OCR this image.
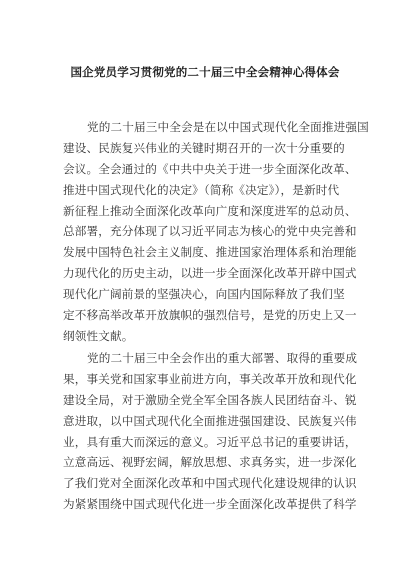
国企党员学习贯彻党的二十届三中全会精神心得体会
党的二十届三中全会是在以中国式现代化全面推进强国
建设、民族复兴伟业的关键时期召开的一次十分重要的
会议。全会通过的《中共中央关于进一步全面深化改革、
推进中国式现代化的决定》（简称《决定》），是新时代
新征程上推动全面深化改革向广度和深度进军的总动员、
总部署，充分体现了以习近平同志为核心的党中央完善和
发展中国特色社会主义制度、推进国家治理体系和治理能
力现代化的历史主动，以进一步全面深化改革开辟中国式
现代化广阔前景的坚强决心，向国内国际释放了我们坚
定不移高举改革开放旗帜的强烈信号，是党的历史上又一
纲领性文献。
党的二十届三中全会作出的重大部署、取得的重要成
果，事关党和国家事业前进方向，事关改革开放和现代化
建设全局，对于激励全党全军全国各族人民团结奋斗、锐
意进取，以中国式现代化全面推进强国建设、民族复兴伟
业，具有重大而深远的意义。习近平总书记的重要讲话，
立意高远、视野宏阔，解放思想、求真务实，进一步深化
了我们党对全面深化改革和中国式现代化建设规律的认识
为紧紧围绕中国式现代化进一步全面深化改革提供了科学
